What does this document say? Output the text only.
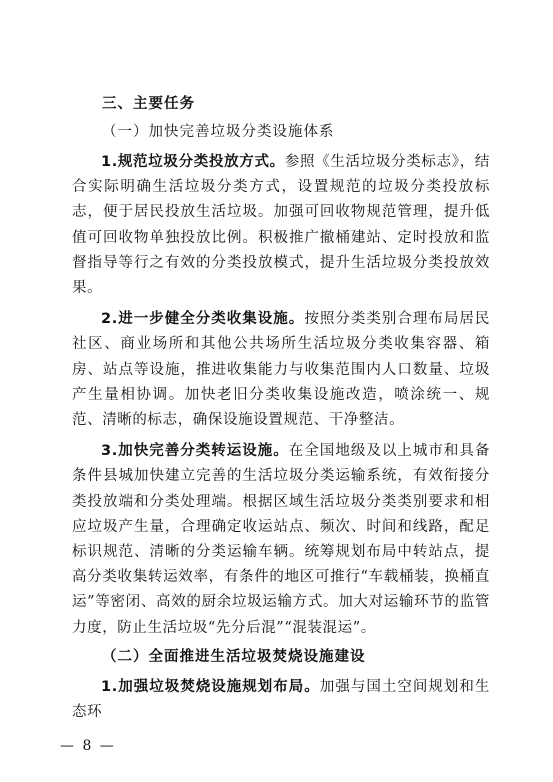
三、主要任务
（一）加快完善垃圾分类设施体系

1.规范垃圾分类投放方式。参照《生活垃圾分类标志》，结合实际明确生活垃圾分类方式，设置规范的垃圾分类投放标志，便于居民投放生活垃圾。加强可回收物规范管理，提升低值可回收物单独投放比例。积极推广撤桶建站、定时投放和监督指导等行之有效的分类投放模式，提升生活垃圾分类投放效果。

2.进一步健全分类收集设施。按照分类类别合理布局居民社区、商业场所和其他公共场所生活垃圾分类收集容器、箱房、站点等设施，推进收集能力与收集范围内人口数量、垃圾产生量相协调。加快老旧分类收集设施改造，喷涂统一、规范、清晰的标志，确保设施设置规范、干净整洁。

3.加快完善分类转运设施。在全国地级及以上城市和具备条件县城加快建立完善的生活垃圾分类运输系统，有效衔接分类投放端和分类处理端。根据区域生活垃圾分类类别要求和相应垃圾产生量，合理确定收运站点、频次、时间和线路，配足标识规范、清晰的分类运输车辆。统筹规划布局中转站点，提高分类收集转运效率，有条件的地区可推行“车载桶装，换桶直运”等密闭、高效的厨余垃圾运输方式。加大对运输环节的监管力度，防止生活垃圾“先分后混”“混装混运”。

（二）全面推进生活垃圾焚烧设施建设

1.加强垃圾焚烧设施规划布局。加强与国土空间规划和生态环

— 8 —
